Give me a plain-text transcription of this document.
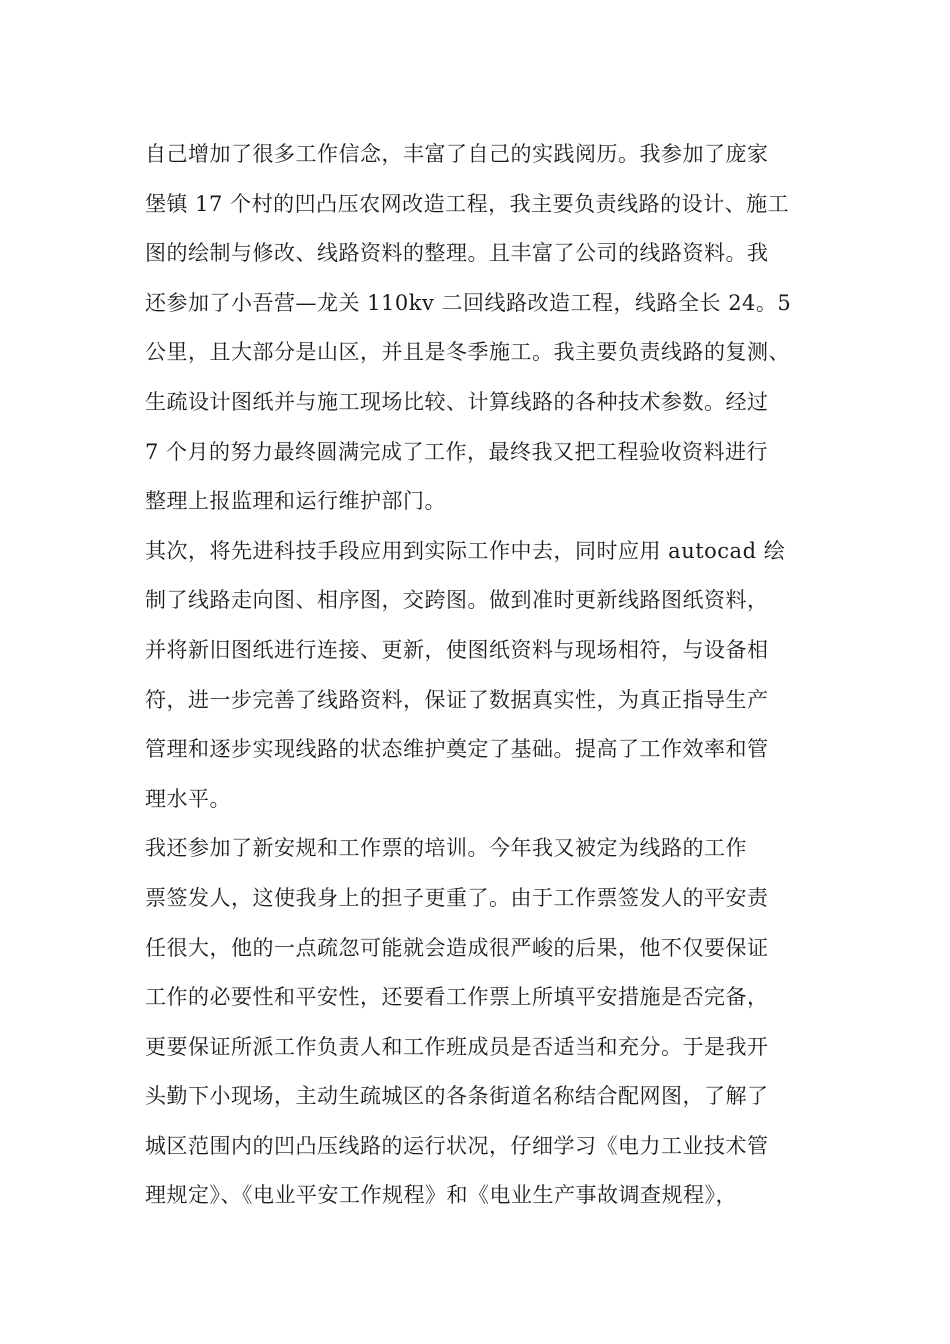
自己增加了很多工作信念，丰富了自己的实践阅历。我参加了庞家
堡镇 17 个村的凹凸压农网改造工程，我主要负责线路的设计、施工
图的绘制与修改、线路资料的整理。且丰富了公司的线路资料。我
还参加了小吾营—龙关 110kv 二回线路改造工程，线路全长 24。5
公里，且大部分是山区，并且是冬季施工。我主要负责线路的复测、
生疏设计图纸并与施工现场比较、计算线路的各种技术参数。经过
7 个月的努力最终圆满完成了工作，最终我又把工程验收资料进行
整理上报监理和运行维护部门。
其次，将先进科技手段应用到实际工作中去，同时应用 autocad 绘
制了线路走向图、相序图，交跨图。做到准时更新线路图纸资料，
并将新旧图纸进行连接、更新，使图纸资料与现场相符，与设备相
符，进一步完善了线路资料，保证了数据真实性，为真正指导生产
管理和逐步实现线路的状态维护奠定了基础。提高了工作效率和管
理水平。
我还参加了新安规和工作票的培训。今年我又被定为线路的工作
票签发人，这使我身上的担子更重了。由于工作票签发人的平安责
任很大，他的一点疏忽可能就会造成很严峻的后果，他不仅要保证
工作的必要性和平安性，还要看工作票上所填平安措施是否完备，
更要保证所派工作负责人和工作班成员是否适当和充分。于是我开
头勤下小现场，主动生疏城区的各条街道名称结合配网图，了解了
城区范围内的凹凸压线路的运行状况，仔细学习《电力工业技术管
理规定》、《电业平安工作规程》和《电业生产事故调查规程》，
